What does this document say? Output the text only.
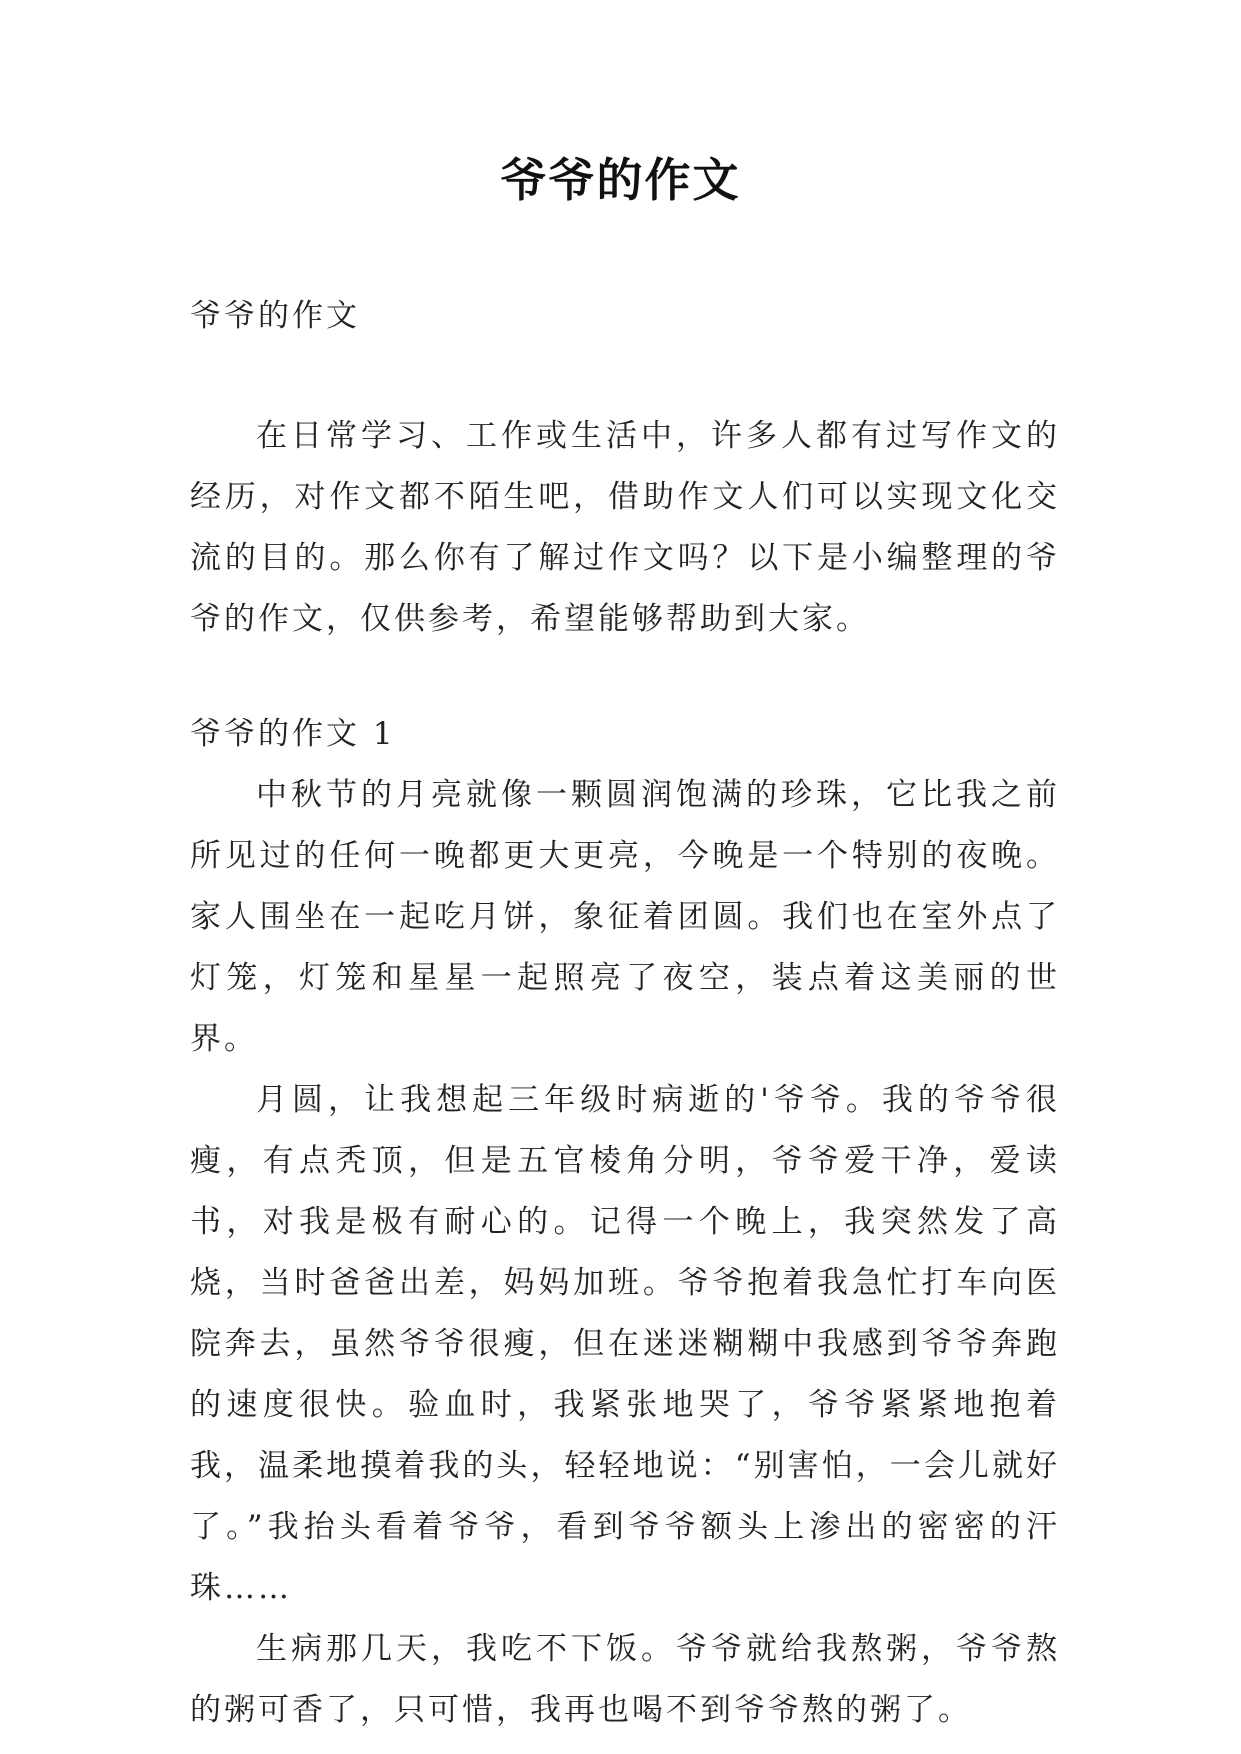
爷爷的作文

爷爷的作文

在日常学习、工作或生活中，许多人都有过写作文的经历，对作文都不陌生吧，借助作文人们可以实现文化交流的目的。那么你有了解过作文吗？以下是小编整理的爷爷的作文，仅供参考，希望能够帮助到大家。

爷爷的作文 1

中秋节的月亮就像一颗圆润饱满的珍珠，它比我之前所见过的任何一晚都更大更亮，今晚是一个特别的夜晚。家人围坐在一起吃月饼，象征着团圆。我们也在室外点了灯笼，灯笼和星星一起照亮了夜空，装点着这美丽的世界。

月圆，让我想起三年级时病逝的'爷爷。我的爷爷很瘦，有点秃顶，但是五官棱角分明，爷爷爱干净，爱读书，对我是极有耐心的。记得一个晚上，我突然发了高烧，当时爸爸出差，妈妈加班。爷爷抱着我急忙打车向医院奔去，虽然爷爷很瘦，但在迷迷糊糊中我感到爷爷奔跑的速度很快。验血时，我紧张地哭了，爷爷紧紧地抱着我，温柔地摸着我的头，轻轻地说：“别害怕，一会儿就好了。”我抬头看着爷爷，看到爷爷额头上渗出的密密的汗珠……

生病那几天，我吃不下饭。爷爷就给我熬粥，爷爷熬的粥可香了，只可惜，我再也喝不到爷爷熬的粥了。
